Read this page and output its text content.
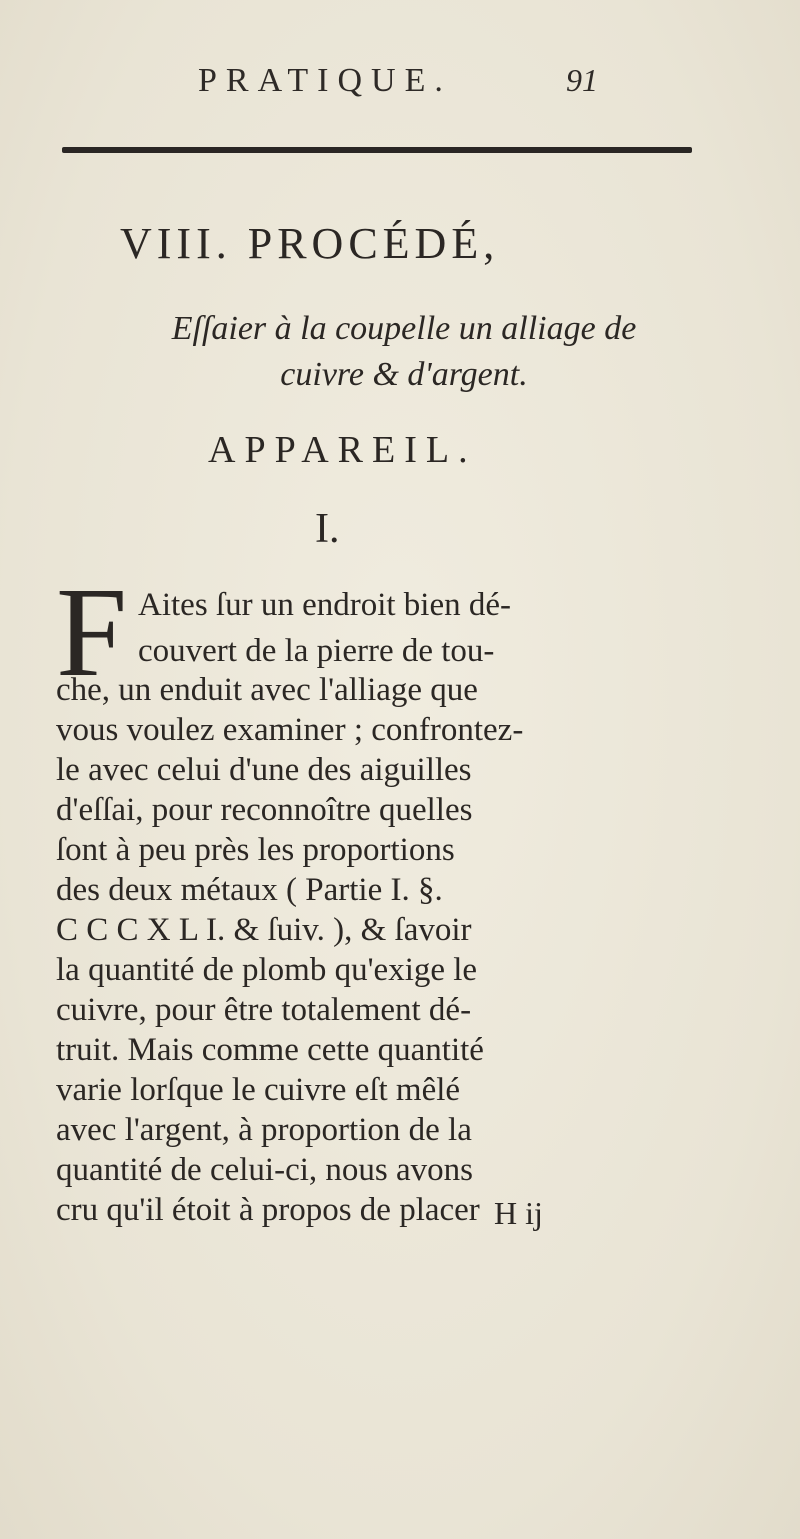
PRATIQUE.	91
VIII. PROCÉDÉ,
Eſſaier à la coupelle un alliage de
cuivre & d'argent.
APPAREIL.
I.
F Aites ſur un endroit bien dé-
couvert de la pierre de tou-
che, un enduit avec l'alliage que
vous voulez examiner ; confrontez-
le avec celui d'une des aiguilles
d'eſſai, pour reconnoître quelles
ſont à peu près les proportions
des deux métaux ( Partie I. §.
C C C X L I. & ſuiv. ), & ſavoir
la quantité de plomb qu'exige le
cuivre, pour être totalement dé-
truit. Mais comme cette quantité
varie lorſque le cuivre eſt mêlé
avec l'argent, à proportion de la
quantité de celui-ci, nous avons
cru qu'il étoit à propos de placer H ij
